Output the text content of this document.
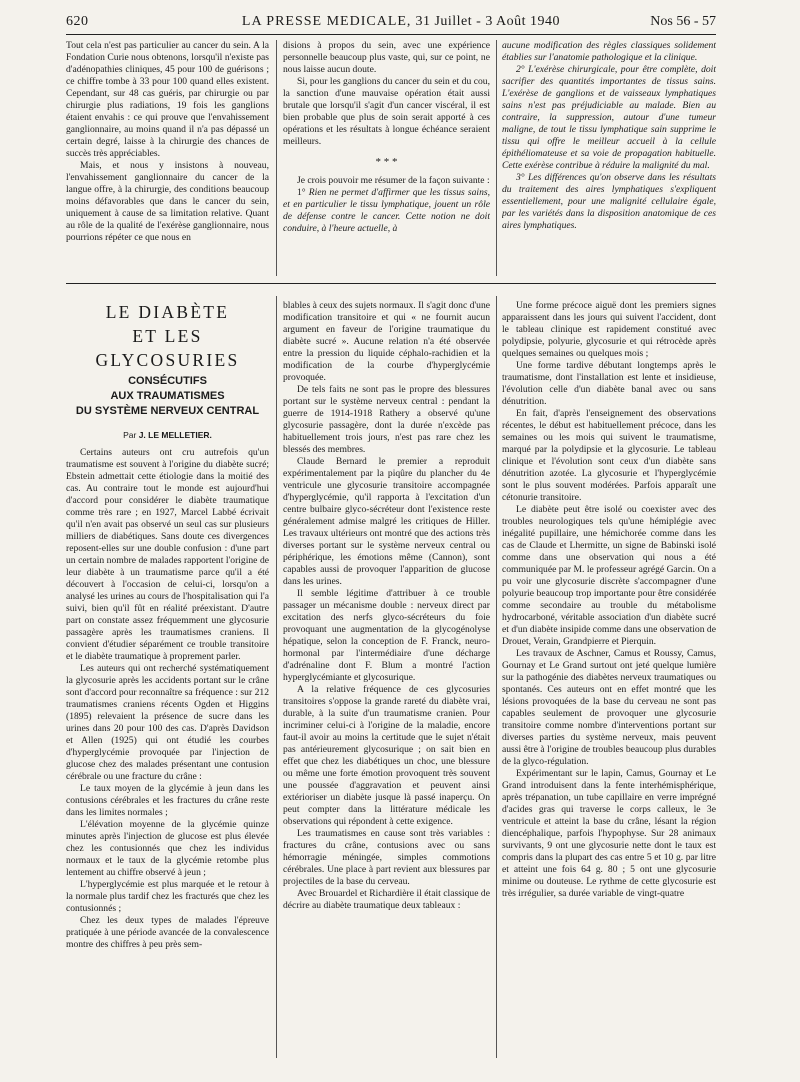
620	LA PRESSE MEDICALE, 31 Juillet - 3 Août 1940	Nos 56 - 57

Tout cela n'est pas particulier au cancer du sein. A la Fondation Curie nous obtenons, lorsqu'il n'existe pas d'adénopathies cliniques, 45 pour 100 de guérisons ; ce chiffre tombe à 33 pour 100 quand elles existent. Cependant, sur 48 cas guéris, par chirurgie ou par chirurgie plus radiations, 19 fois les ganglions étaient envahis : ce qui prouve que l'envahissement ganglionnaire, au moins quand il n'a pas dépassé un certain degré, laisse à la chirurgie des chances de succès très appréciables.

Mais, et nous y insistons à nouveau, l'envahissement ganglionnaire du cancer de la langue offre, à la chirurgie, des conditions beaucoup moins défavorables que dans le cancer du sein, uniquement à cause de sa limitation relative. Quant au rôle de la qualité de l'exérèse ganglionnaire, nous pourrions répéter ce que nous en

disions à propos du sein, avec une expérience personnelle beaucoup plus vaste, qui, sur ce point, ne nous laisse aucun doute.

Si, pour les ganglions du cancer du sein et du cou, la sanction d'une mauvaise opération était aussi brutale que lorsqu'il s'agit d'un cancer viscéral, il est bien probable que plus de soin serait apporté à ces opérations et les résultats à longue échéance seraient meilleurs.

* * *

Je crois pouvoir me résumer de la façon suivante :

1° Rien ne permet d'affirmer que les tissus sains, et en particulier le tissu lymphatique, jouent un rôle de défense contre le cancer. Cette notion ne doit conduire, à l'heure actuelle, à

aucune modification des règles classiques solidement établies sur l'anatomie pathologique et la clinique.

2° L'exérèse chirurgicale, pour être complète, doit sacrifier des quantités importantes de tissus sains. L'exérèse de ganglions et de vaisseaux lymphatiques sains n'est pas préjudiciable au malade. Bien au contraire, la suppression, autour d'une tumeur maligne, de tout le tissu lymphatique sain supprime le tissu qui offre le meilleur accueil à la cellule épithéliomateuse et sa voie de propagation habituelle. Cette exérèse contribue à réduire la malignité du mal.

3° Les différences qu'on observe dans les résultats du traitement des aires lymphatiques s'expliquent essentiellement, pour une malignité cellulaire égale, par les variétés dans la disposition anatomique de ces aires lymphatiques.

LE DIABÈTE
ET LES GLYCOSURIES
CONSÉCUTIFS
AUX TRAUMATISMES
DU SYSTÈME NERVEUX CENTRAL
Par J. LE MELLETIER.

Certains auteurs ont cru autrefois qu'un traumatisme est souvent à l'origine du diabète sucré; Ebstein admettait cette étiologie dans la moitié des cas. Au contraire tout le monde est aujourd'hui d'accord pour considérer le diabète traumatique comme très rare ; en 1927, Marcel Labbé écrivait qu'il n'en avait pas observé un seul cas sur plusieurs milliers de diabétiques. Sans doute ces divergences reposent-elles sur une double confusion : d'une part un certain nombre de malades rapportent l'origine de leur diabète à un traumatisme parce qu'il a été découvert à l'occasion de celui-ci, lorsqu'on a analysé les urines au cours de l'hospitalisation qui l'a suivi, bien qu'il fût en réalité préexistant. D'autre part on constate assez fréquemment une glycosurie passagère après les traumatismes craniens. Il convient d'étudier séparément ce trouble transitoire et le diabète traumatique à proprement parler.

Les auteurs qui ont recherché systématiquement la glycosurie après les accidents portant sur le crâne sont d'accord pour reconnaître sa fréquence : sur 212 traumatismes craniens récents Ogden et Higgins (1895) relevaient la présence de sucre dans les urines dans 20 pour 100 des cas. D'après Davidson et Allen (1925) qui ont étudié les courbes d'hyperglycémie provoquée par l'injection de glucose chez des malades présentant une contusion cérébrale ou une fracture du crâne :

Le taux moyen de la glycémie à jeun dans les contusions cérébrales et les fractures du crâne reste dans les limites normales ;

L'élévation moyenne de la glycémie quinze minutes après l'injection de glucose est plus élevée chez les contusionnés que chez les individus normaux et le taux de la glycémie retombe plus lentement au chiffre observé à jeun ;

L'hyperglycémie est plus marquée et le retour à la normale plus tardif chez les fracturés que chez les contusionnés ;

Chez les deux types de malades l'épreuve pratiquée à une période avancée de la convalescence montre des chiffres à peu près sem-

blables à ceux des sujets normaux. Il s'agit donc d'une modification transitoire et qui « ne fournit aucun argument en faveur de l'origine traumatique du diabète sucré ». Aucune relation n'a été observée entre la pression du liquide céphalo-rachidien et la modification de la courbe d'hyperglycémie provoquée.

De tels faits ne sont pas le propre des blessures portant sur le système nerveux central : pendant la guerre de 1914-1918 Rathery a observé qu'une glycosurie passagère, dont la durée n'excède pas habituellement trois jours, n'est pas rare chez les blessés des membres.

Claude Bernard le premier a reproduit expérimentalement par la piqûre du plancher du 4e ventricule une glycosurie transitoire accompagnée d'hyperglycémie, qu'il rapporta à l'excitation d'un centre bulbaire glyco-sécréteur dont l'existence reste généralement admise malgré les critiques de Hiller. Les travaux ultérieurs ont montré que des actions très diverses portant sur le système nerveux central ou périphérique, les émotions même (Cannon), sont capables aussi de provoquer l'apparition de glucose dans les urines.

Il semble légitime d'attribuer à ce trouble passager un mécanisme double : nerveux direct par excitation des nerfs glyco-sécréteurs du foie provoquant une augmentation de la glycogénolyse hépatique, selon la conception de F. Franck, neuro-hormonal par l'intermédiaire d'une décharge d'adrénaline dont F. Blum a montré l'action hyperglycémiante et glycosurique.

A la relative fréquence de ces glycosuries transitoires s'oppose la grande rareté du diabète vrai, durable, à la suite d'un traumatisme cranien. Pour incriminer celui-ci à l'origine de la maladie, encore faut-il avoir au moins la certitude que le sujet n'était pas antérieurement glycosurique ; on sait bien en effet que chez les diabétiques un choc, une blessure ou même une forte émotion provoquent très souvent une poussée d'aggravation et peuvent ainsi extérioriser un diabète jusque là passé inaperçu. On peut compter dans la littérature médicale les observations qui répondent à cette exigence.

Les traumatismes en cause sont très variables : fractures du crâne, contusions avec ou sans hémorragie méningée, simples commotions cérébrales. Une place à part revient aux blessures par projectiles de la base du cerveau.

Avec Brouardel et Richardière il était classique de décrire au diabète traumatique deux tableaux :

Une forme précoce aiguë dont les premiers signes apparaissent dans les jours qui suivent l'accident, dont le tableau clinique est rapidement constitué avec polydipsie, polyurie, glycosurie et qui rétrocède après quelques semaines ou quelques mois ;

Une forme tardive débutant longtemps après le traumatisme, dont l'installation est lente et insidieuse, l'évolution celle d'un diabète banal avec ou sans dénutrition.

En fait, d'après l'enseignement des observations récentes, le début est habituellement précoce, dans les semaines ou les mois qui suivent le traumatisme, marqué par la polydipsie et la glycosurie. Le tableau clinique et l'évolution sont ceux d'un diabète sans dénutrition azotée. La glycosurie et l'hyperglycémie sont le plus souvent modérées. Parfois apparaît une cétonurie transitoire.

Le diabète peut être isolé ou coexister avec des troubles neurologiques tels qu'une hémiplégie avec inégalité pupillaire, une hémichorée comme dans les cas de Claude et Lhermitte, un signe de Babinski isolé comme dans une observation qui nous a été communiquée par M. le professeur agrégé Garcin. On a pu voir une glycosurie discrète s'accompagner d'une polyurie beaucoup trop importante pour être considérée comme secondaire au trouble du métabolisme hydrocarboné, véritable association d'un diabète sucré et d'un diabète insipide comme dans une observation de Drouet, Verain, Grandpierre et Pierquin.

Les travaux de Aschner, Camus et Roussy, Camus, Gournay et Le Grand surtout ont jeté quelque lumière sur la pathogénie des diabètes nerveux traumatiques ou spontanés. Ces auteurs ont en effet montré que les lésions provoquées de la base du cerveau ne sont pas capables seulement de provoquer une glycosurie transitoire comme nombre d'interventions portant sur diverses parties du système nerveux, mais peuvent aussi être à l'origine de troubles beaucoup plus durables de la glyco-régulation.

Expérimentant sur le lapin, Camus, Gournay et Le Grand introduisent dans la fente interhémisphérique, après trépanation, un tube capillaire en verre imprégné d'acides gras qui traverse le corps calleux, le 3e ventricule et atteint la base du crâne, lésant la région diencéphalique, parfois l'hypophyse. Sur 28 animaux survivants, 9 ont une glycosurie nette dont le taux est compris dans la plupart des cas entre 5 et 10 g. par litre et atteint une fois 64 g. 80 ; 5 ont une glycosurie minime ou douteuse. Le rythme de cette glycosurie est très irrégulier, sa durée variable de vingt-quatre
